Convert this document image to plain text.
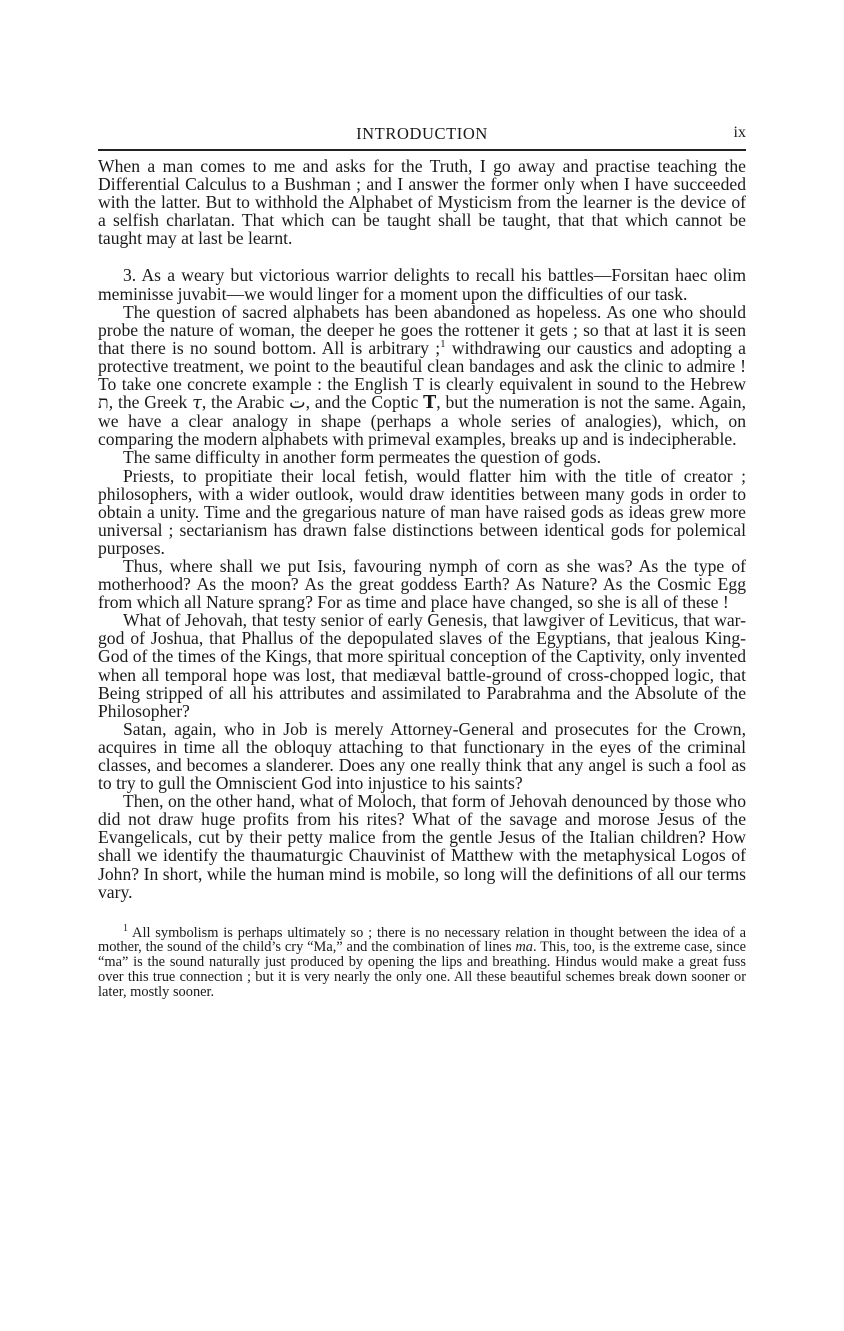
INTRODUCTION	ix

When a man comes to me and asks for the Truth, I go away and practise teaching the Differential Calculus to a Bushman ; and I answer the former only when I have succeeded with the latter. But to withhold the Alphabet of Mysticism from the learner is the device of a selfish charlatan. That which can be taught shall be taught, that that which cannot be taught may at last be learnt.

3. As a weary but victorious warrior delights to recall his battles—Forsitan haec olim meminisse juvabit—we would linger for a moment upon the difficulties of our task.

The question of sacred alphabets has been abandoned as hopeless. As one who should probe the nature of woman, the deeper he goes the rottener it gets ; so that at last it is seen that there is no sound bottom. All is arbitrary ;$^1$ withdrawing our caustics and adopting a protective treatment, we point to the beautiful clean bandages and ask the clinic to admire ! To take one concrete example : the English T is clearly equivalent in sound to the Hebrew ת, the Greek τ, the Arabic ت, and the Coptic Τ, but the numeration is not the same. Again, we have a clear analogy in shape (perhaps a whole series of analogies), which, on comparing the modern alphabets with primeval examples, breaks up and is indecipherable.

The same difficulty in another form permeates the question of gods.

Priests, to propitiate their local fetish, would flatter him with the title of creator ; philosophers, with a wider outlook, would draw identities between many gods in order to obtain a unity. Time and the gregarious nature of man have raised gods as ideas grew more universal ; sectarianism has drawn false distinctions between identical gods for polemical purposes.

Thus, where shall we put Isis, favouring nymph of corn as she was? As the type of motherhood? As the moon? As the great goddess Earth? As Nature? As the Cosmic Egg from which all Nature sprang? For as time and place have changed, so she is all of these !

What of Jehovah, that testy senior of early Genesis, that lawgiver of Leviticus, that war-god of Joshua, that Phallus of the depopulated slaves of the Egyptians, that jealous King-God of the times of the Kings, that more spiritual conception of the Captivity, only invented when all temporal hope was lost, that mediæval battle-ground of cross-chopped logic, that Being stripped of all his attributes and assimilated to Parabrahma and the Absolute of the Philosopher?

Satan, again, who in Job is merely Attorney-General and prosecutes for the Crown, acquires in time all the obloquy attaching to that functionary in the eyes of the criminal classes, and becomes a slanderer. Does any one really think that any angel is such a fool as to try to gull the Omniscient God into injustice to his saints?

Then, on the other hand, what of Moloch, that form of Jehovah denounced by those who did not draw huge profits from his rites? What of the savage and morose Jesus of the Evangelicals, cut by their petty malice from the gentle Jesus of the Italian children? How shall we identify the thaumaturgic Chauvinist of Matthew with the metaphysical Logos of John? In short, while the human mind is mobile, so long will the definitions of all our terms vary.

$^1$ All symbolism is perhaps ultimately so ; there is no necessary relation in thought between the idea of a mother, the sound of the child’s cry “Ma,” and the combination of lines ma. This, too, is the extreme case, since “ma” is the sound naturally just produced by opening the lips and breathing. Hindus would make a great fuss over this true connection ; but it is very nearly the only one. All these beautiful schemes break down sooner or later, mostly sooner.
